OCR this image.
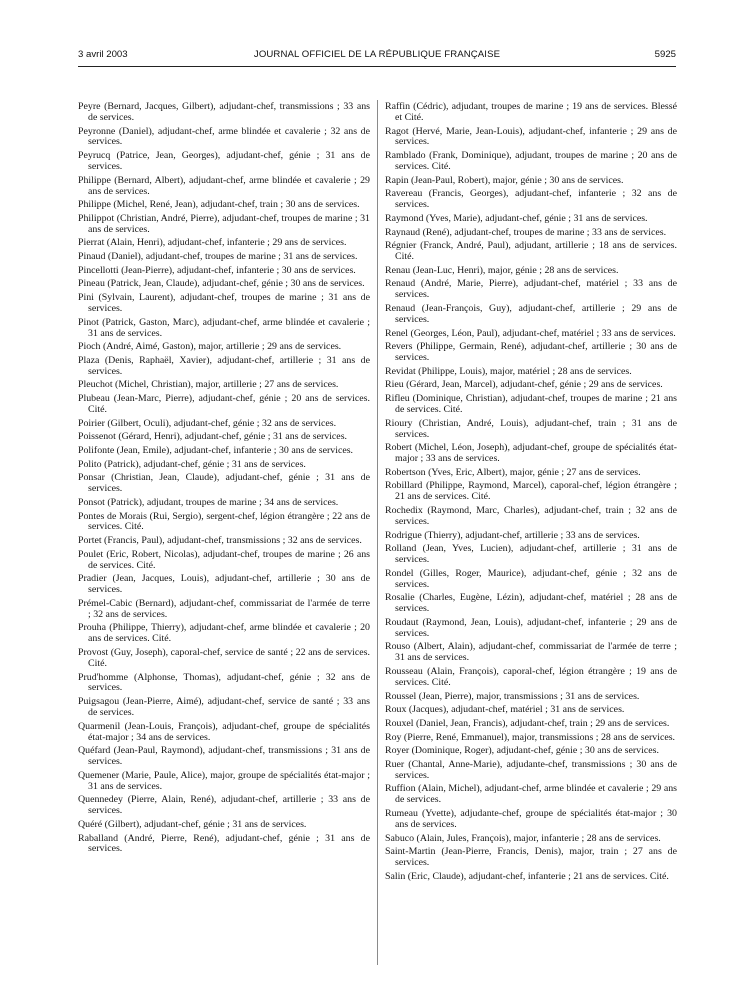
3 avril 2003	JOURNAL OFFICIEL DE LA RÉPUBLIQUE FRANÇAISE	5925

Peyre (Bernard, Jacques, Gilbert), adjudant-chef, transmissions ; 33 ans de services.

Peyronne (Daniel), adjudant-chef, arme blindée et cavalerie ; 32 ans de services.

Peyrucq (Patrice, Jean, Georges), adjudant-chef, génie ; 31 ans de services.

Philippe (Bernard, Albert), adjudant-chef, arme blindée et cavalerie ; 29 ans de services.

Philippe (Michel, René, Jean), adjudant-chef, train ; 30 ans de services.

Philippot (Christian, André, Pierre), adjudant-chef, troupes de marine ; 31 ans de services.

Pierrat (Alain, Henri), adjudant-chef, infanterie ; 29 ans de services.

Pinaud (Daniel), adjudant-chef, troupes de marine ; 31 ans de services.

Pincellotti (Jean-Pierre), adjudant-chef, infanterie ; 30 ans de services.

Pineau (Patrick, Jean, Claude), adjudant-chef, génie ; 30 ans de services.

Pini (Sylvain, Laurent), adjudant-chef, troupes de marine ; 31 ans de services.

Pinot (Patrick, Gaston, Marc), adjudant-chef, arme blindée et cavalerie ; 31 ans de services.

Pioch (André, Aimé, Gaston), major, artillerie ; 29 ans de services.

Plaza (Denis, Raphaël, Xavier), adjudant-chef, artillerie ; 31 ans de services.

Pleuchot (Michel, Christian), major, artillerie ; 27 ans de services.

Plubeau (Jean-Marc, Pierre), adjudant-chef, génie ; 20 ans de services. Cité.

Poirier (Gilbert, Oculi), adjudant-chef, génie ; 32 ans de services.

Poissenot (Gérard, Henri), adjudant-chef, génie ; 31 ans de services.

Polifonte (Jean, Emile), adjudant-chef, infanterie ; 30 ans de services.

Polito (Patrick), adjudant-chef, génie ; 31 ans de services.

Ponsar (Christian, Jean, Claude), adjudant-chef, génie ; 31 ans de services.

Ponsot (Patrick), adjudant, troupes de marine ; 34 ans de services.

Pontes de Morais (Rui, Sergio), sergent-chef, légion étrangère ; 22 ans de services. Cité.

Portet (Francis, Paul), adjudant-chef, transmissions ; 32 ans de services.

Poulet (Eric, Robert, Nicolas), adjudant-chef, troupes de marine ; 26 ans de services. Cité.

Pradier (Jean, Jacques, Louis), adjudant-chef, artillerie ; 30 ans de services.

Prémel-Cabic (Bernard), adjudant-chef, commissariat de l'armée de terre ; 32 ans de services.

Prouha (Philippe, Thierry), adjudant-chef, arme blindée et cavalerie ; 20 ans de services. Cité.

Provost (Guy, Joseph), caporal-chef, service de santé ; 22 ans de services. Cité.

Prud'homme (Alphonse, Thomas), adjudant-chef, génie ; 32 ans de services.

Puigsagou (Jean-Pierre, Aimé), adjudant-chef, service de santé ; 33 ans de services.

Quarmenil (Jean-Louis, François), adjudant-chef, groupe de spécialités état-major ; 34 ans de services.

Quéfard (Jean-Paul, Raymond), adjudant-chef, transmissions ; 31 ans de services.

Quemener (Marie, Paule, Alice), major, groupe de spécialités état-major ; 31 ans de services.

Quennedey (Pierre, Alain, René), adjudant-chef, artillerie ; 33 ans de services.

Quéré (Gilbert), adjudant-chef, génie ; 31 ans de services.

Raballand (André, Pierre, René), adjudant-chef, génie ; 31 ans de services.

Raffin (Cédric), adjudant, troupes de marine ; 19 ans de services. Blessé et Cité.

Ragot (Hervé, Marie, Jean-Louis), adjudant-chef, infanterie ; 29 ans de services.

Ramblado (Frank, Dominique), adjudant, troupes de marine ; 20 ans de services. Cité.

Rapin (Jean-Paul, Robert), major, génie ; 30 ans de services.

Ravereau (Francis, Georges), adjudant-chef, infanterie ; 32 ans de services.

Raymond (Yves, Marie), adjudant-chef, génie ; 31 ans de services.

Raynaud (René), adjudant-chef, troupes de marine ; 33 ans de services.

Régnier (Franck, André, Paul), adjudant, artillerie ; 18 ans de services. Cité.

Renau (Jean-Luc, Henri), major, génie ; 28 ans de services.

Renaud (André, Marie, Pierre), adjudant-chef, matériel ; 33 ans de services.

Renaud (Jean-François, Guy), adjudant-chef, artillerie ; 29 ans de services.

Renel (Georges, Léon, Paul), adjudant-chef, matériel ; 33 ans de services.

Revers (Philippe, Germain, René), adjudant-chef, artillerie ; 30 ans de services.

Revidat (Philippe, Louis), major, matériel ; 28 ans de services.

Rieu (Gérard, Jean, Marcel), adjudant-chef, génie ; 29 ans de services.

Rifleu (Dominique, Christian), adjudant-chef, troupes de marine ; 21 ans de services. Cité.

Rioury (Christian, André, Louis), adjudant-chef, train ; 31 ans de services.

Robert (Michel, Léon, Joseph), adjudant-chef, groupe de spécialités état-major ; 33 ans de services.

Robertson (Yves, Eric, Albert), major, génie ; 27 ans de services.

Robillard (Philippe, Raymond, Marcel), caporal-chef, légion étrangère ; 21 ans de services. Cité.

Rochedix (Raymond, Marc, Charles), adjudant-chef, train ; 32 ans de services.

Rodrigue (Thierry), adjudant-chef, artillerie ; 33 ans de services.

Rolland (Jean, Yves, Lucien), adjudant-chef, artillerie ; 31 ans de services.

Rondel (Gilles, Roger, Maurice), adjudant-chef, génie ; 32 ans de services.

Rosalie (Charles, Eugène, Lézin), adjudant-chef, matériel ; 28 ans de services.

Roudaut (Raymond, Jean, Louis), adjudant-chef, infanterie ; 29 ans de services.

Rouso (Albert, Alain), adjudant-chef, commissariat de l'armée de terre ; 31 ans de services.

Rousseau (Alain, François), caporal-chef, légion étrangère ; 19 ans de services. Cité.

Roussel (Jean, Pierre), major, transmissions ; 31 ans de services.

Roux (Jacques), adjudant-chef, matériel ; 31 ans de services.

Rouxel (Daniel, Jean, Francis), adjudant-chef, train ; 29 ans de services.

Roy (Pierre, René, Emmanuel), major, transmissions ; 28 ans de services.

Royer (Dominique, Roger), adjudant-chef, génie ; 30 ans de services.

Ruer (Chantal, Anne-Marie), adjudante-chef, transmissions ; 30 ans de services.

Ruffion (Alain, Michel), adjudant-chef, arme blindée et cavalerie ; 29 ans de services.

Rumeau (Yvette), adjudante-chef, groupe de spécialités état-major ; 30 ans de services.

Sabuco (Alain, Jules, François), major, infanterie ; 28 ans de services.

Saint-Martin (Jean-Pierre, Francis, Denis), major, train ; 27 ans de services.

Salin (Eric, Claude), adjudant-chef, infanterie ; 21 ans de services. Cité.
